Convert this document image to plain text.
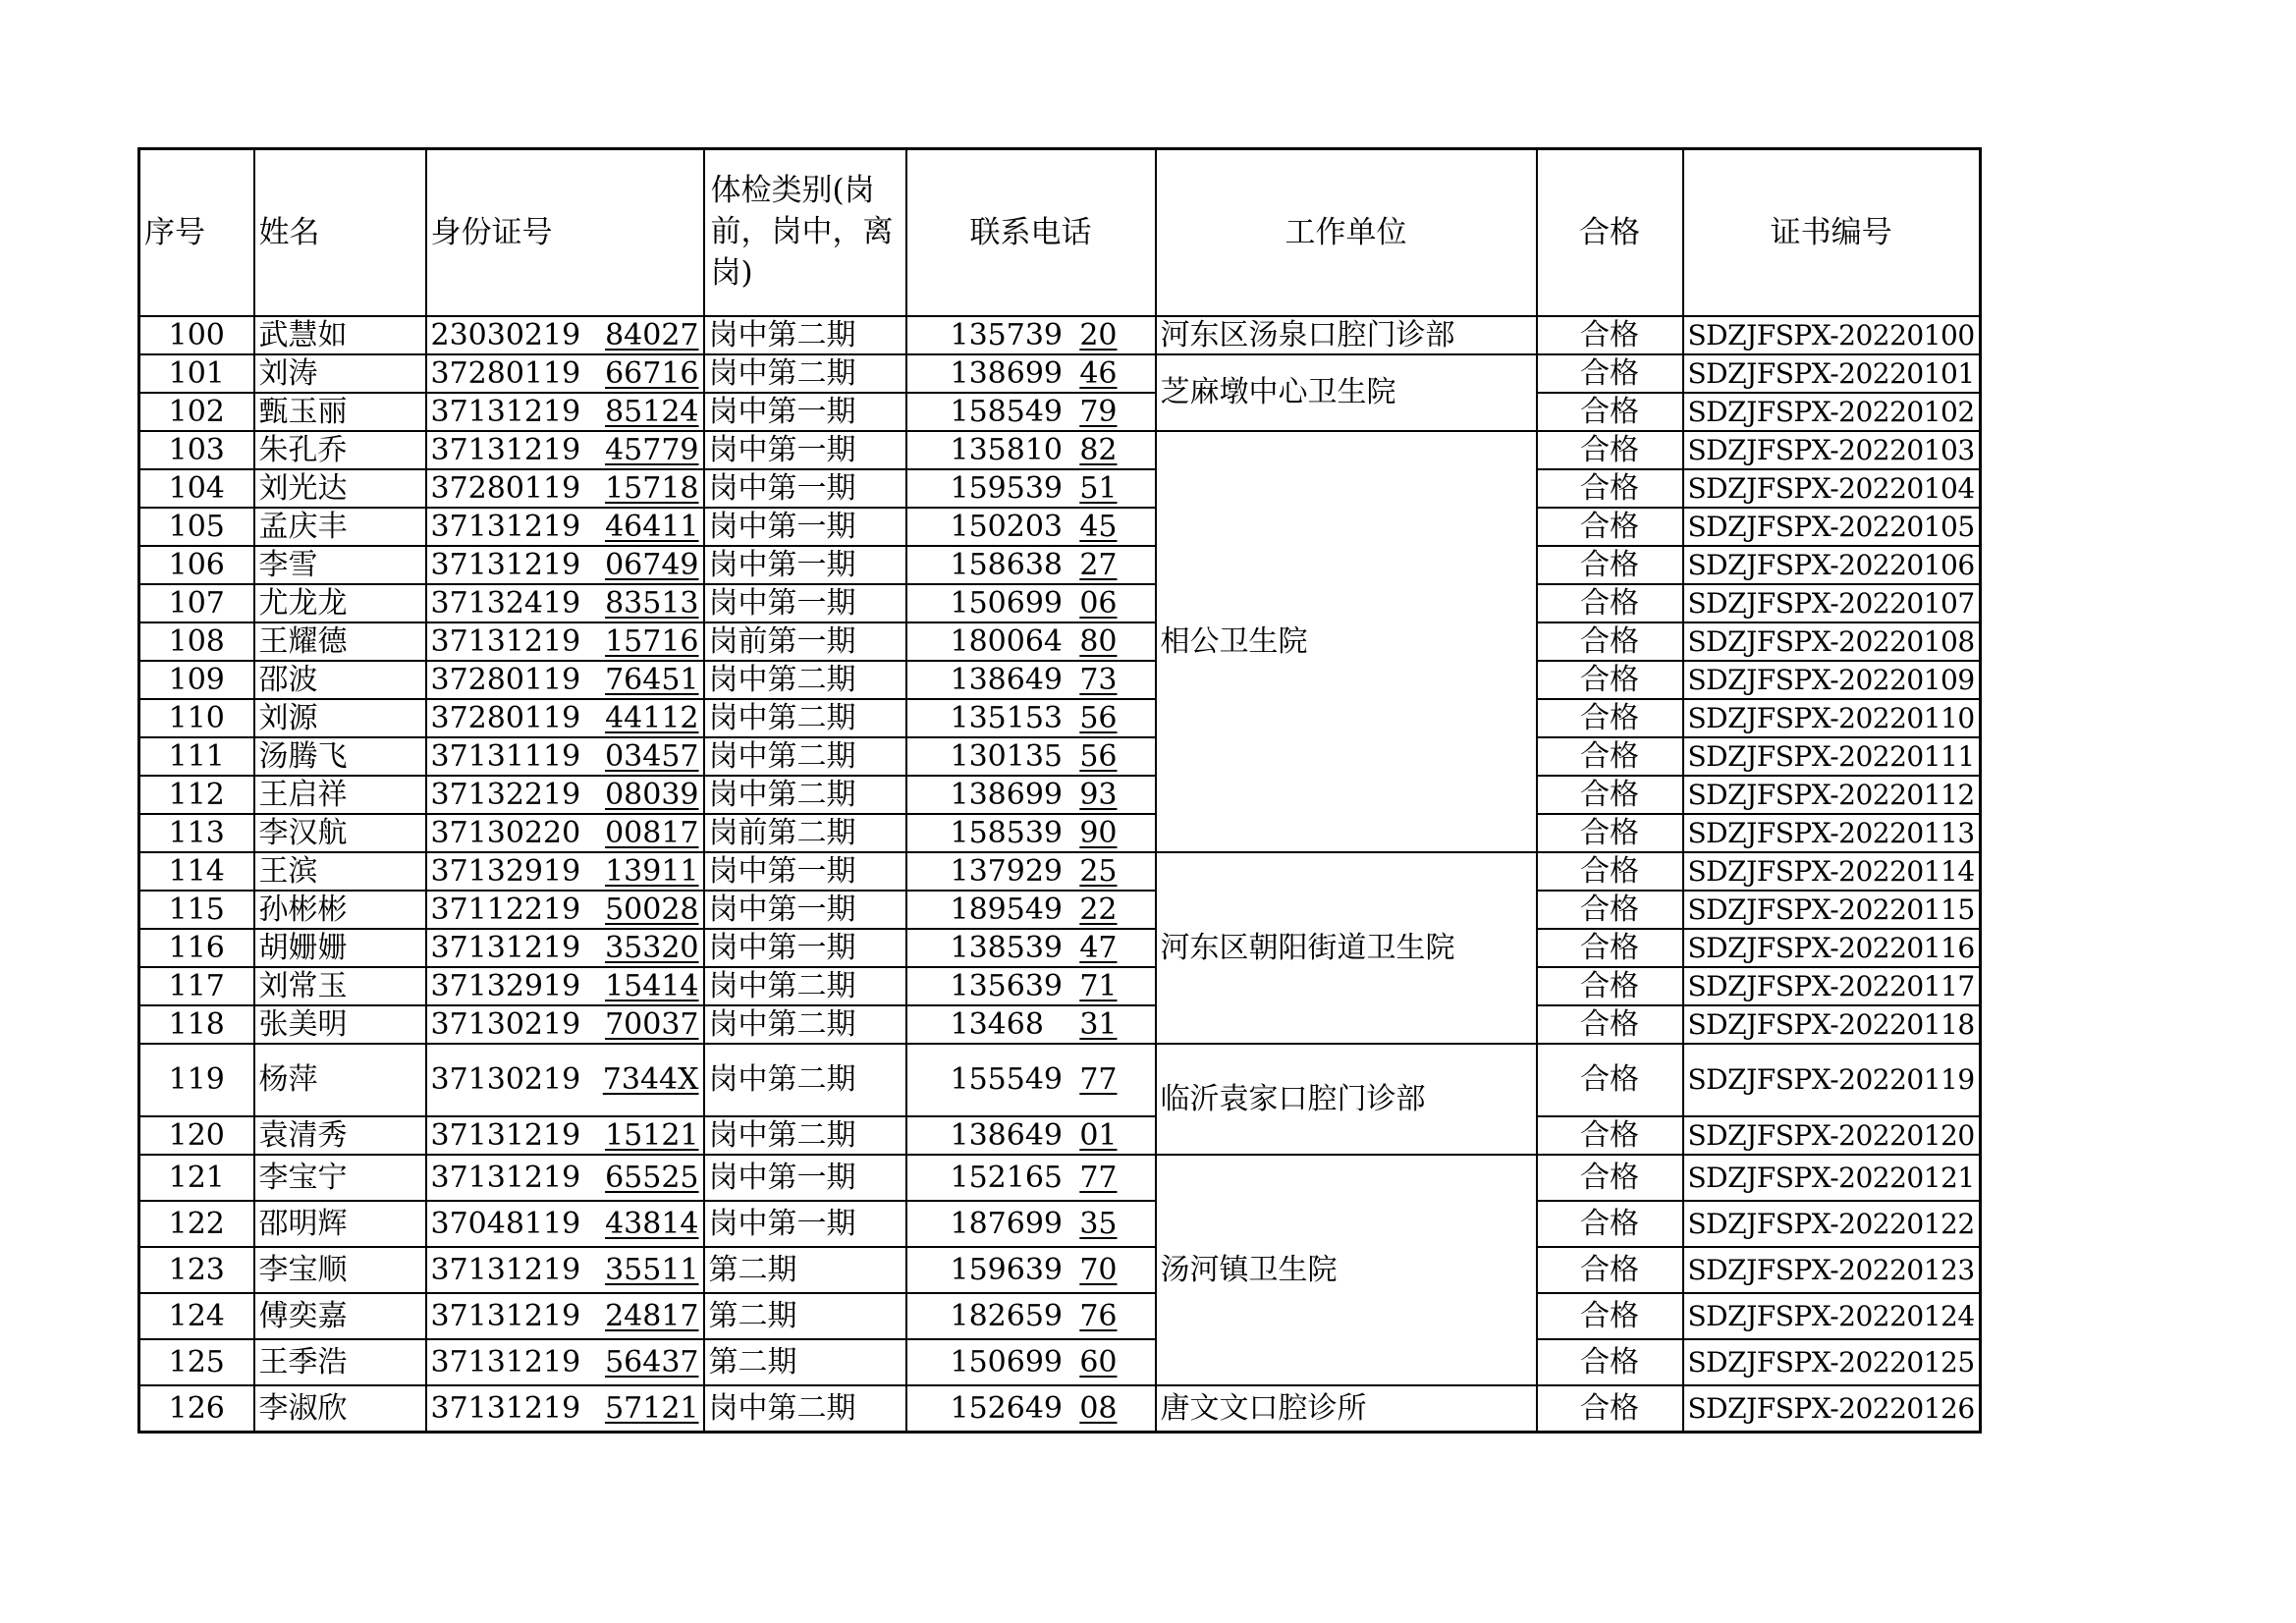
序号	姓名	身份证号	体检类别(岗前，岗中，离岗)	联系电话	工作单位	合格	证书编号
100	武慧如	23030219 84027	岗中第二期	135739 20	河东区汤泉口腔门诊部	合格	SDZJFSPX-20220100
101	刘涛	37280119 66716	岗中第二期	138699 46	芝麻墩中心卫生院	合格	SDZJFSPX-20220101
102	甄玉丽	37131219 85124	岗中第一期	158549 79		合格	SDZJFSPX-20220102
103	朱孔乔	37131219 45779	岗中第一期	135810 82	相公卫生院	合格	SDZJFSPX-20220103
104	刘光达	37280119 15718	岗中第一期	159539 51		合格	SDZJFSPX-20220104
105	孟庆丰	37131219 46411	岗中第一期	150203 45		合格	SDZJFSPX-20220105
106	李雪	37131219 06749	岗中第一期	158638 27		合格	SDZJFSPX-20220106
107	尤龙龙	37132419 83513	岗中第一期	150699 06		合格	SDZJFSPX-20220107
108	王耀德	37131219 15716	岗前第一期	180064 80		合格	SDZJFSPX-20220108
109	邵波	37280119 76451	岗中第二期	138649 73		合格	SDZJFSPX-20220109
110	刘源	37280119 44112	岗中第二期	135153 56		合格	SDZJFSPX-20220110
111	汤腾飞	37131119 03457	岗中第二期	130135 56		合格	SDZJFSPX-20220111
112	王启祥	37132219 08039	岗中第二期	138699 93		合格	SDZJFSPX-20220112
113	李汉航	37130220 00817	岗前第二期	158539 90		合格	SDZJFSPX-20220113
114	王滨	37132919 13911	岗中第一期	137929 25	河东区朝阳街道卫生院	合格	SDZJFSPX-20220114
115	孙彬彬	37112219 50028	岗中第一期	189549 22		合格	SDZJFSPX-20220115
116	胡姗姗	37131219 35320	岗中第一期	138539 47		合格	SDZJFSPX-20220116
117	刘常玉	37132919 15414	岗中第二期	135639 71		合格	SDZJFSPX-20220117
118	张美明	37130219 70037	岗中第二期	13468 31		合格	SDZJFSPX-20220118
119	杨萍	37130219 7344X	岗中第二期	155549 77	临沂袁家口腔门诊部	合格	SDZJFSPX-20220119
120	袁清秀	37131219 15121	岗中第二期	138649 01		合格	SDZJFSPX-20220120
121	李宝宁	37131219 65525	岗中第一期	152165 77	汤河镇卫生院	合格	SDZJFSPX-20220121
122	邵明辉	37048119 43814	岗中第一期	187699 35		合格	SDZJFSPX-20220122
123	李宝顺	37131219 35511	第二期	159639 70		合格	SDZJFSPX-20220123
124	傅奕嘉	37131219 24817	第二期	182659 76		合格	SDZJFSPX-20220124
125	王季浩	37131219 56437	第二期	150699 60		合格	SDZJFSPX-20220125
126	李淑欣	37131219 57121	岗中第二期	152649 08	唐文文口腔诊所	合格	SDZJFSPX-20220126
